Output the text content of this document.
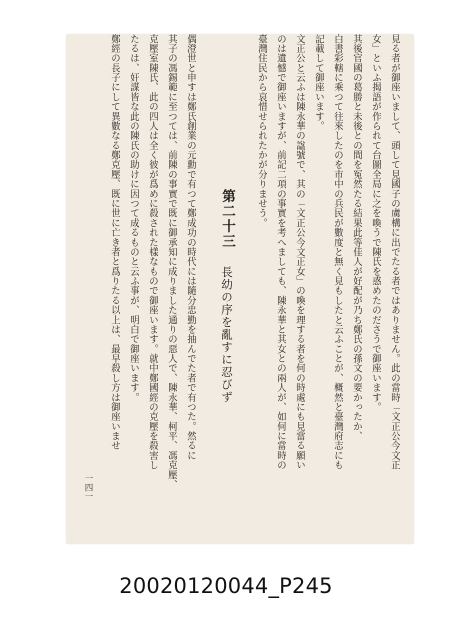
見る者が御座いまして、頭して見國子の虜構に出でたる者ではありません。此の當時「文正公今文正
女」といふ揭語が作られて台圖全局に之を喚うで陳氏を惑めたのださうで御座います。
其後官國の葛勝と未後との間を冤然たる結果此等佳人が好配が乃ち鄭氏の孫文の要かったか、
白書彩轄に乘つて往來したのを市中の兵民が數度と無く見もしたと云ふことが、概然と臺灣府志にも
記載して御座います。
文正公と云ふは陳永華の諡號で、其の「文正公今文正女」の喚を理する者を何の時處にも見當る願い
のは遺憾で御座いますが、前記二項の事實を考へましても、陳永華と其女との兩人が、如何に當時の
臺灣住民から哀惜せられたかが分りませう。
第二十三
長幼の序を亂すに忍びず
偶澄世と申すは鄭氏創業の元勳で有つて鄭成功の時代には隨分忠勤を抽んでた者で有つた。然るに
其子の馮錫範に至つては、前陳の事實で既に御承知に成りました通りの惡人で、陳永華、柯平、馮克壓、
克壓室陳氏、此の四人は全く彼が爲めに殺された樣なもので御座います。就中鄭國經の克壓を殺害し
たるは、奸謀皆な此の陳氏の助けに因つて成るものと云ふ事が、明白で御座います。
鄭經の長子にして異數なる鄭克壓、既に世に亡き者と爲りたる以上は、最早殺し方は御座いませ
一四一
20020120044_P245
